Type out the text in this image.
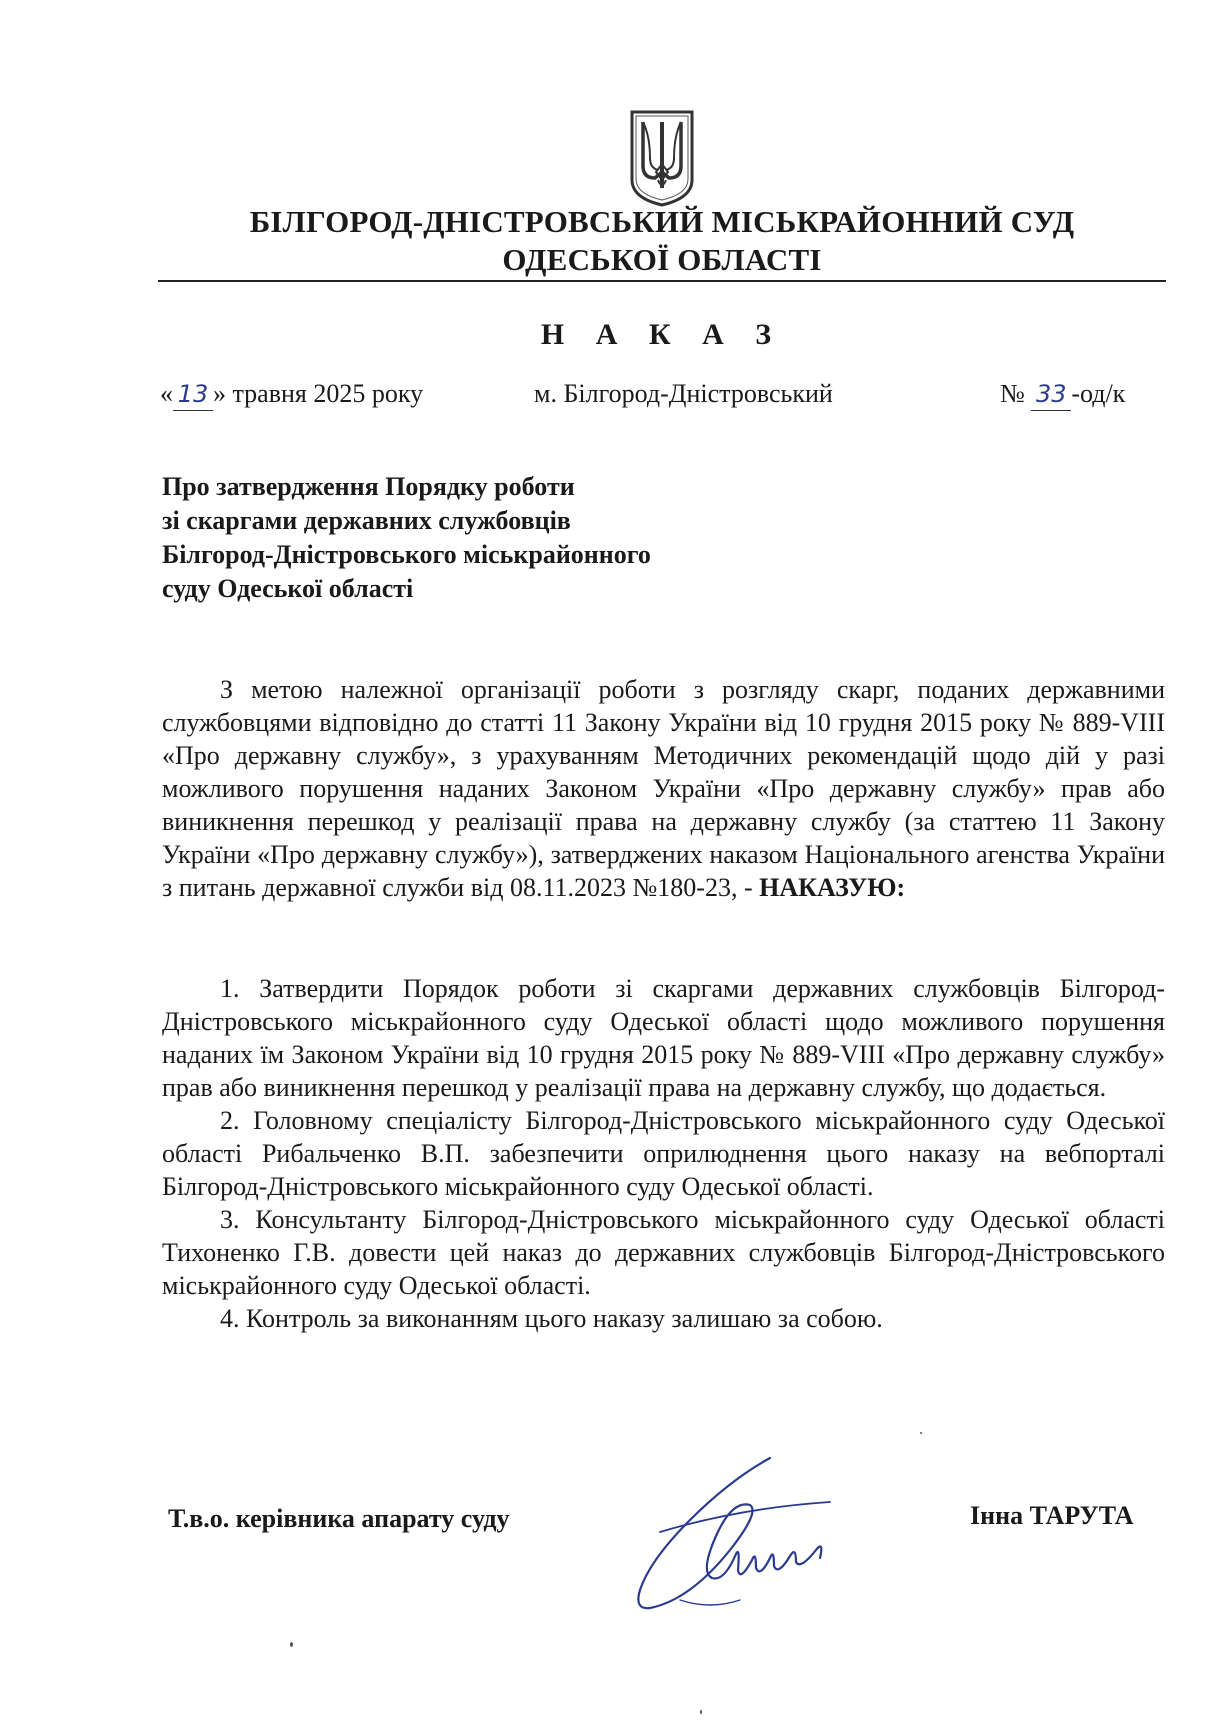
БІЛГОРОД-ДНІСТРОВСЬКИЙ МІСЬКРАЙОННИЙ СУД
ОДЕСЬКОЇ ОБЛАСТІ
Н А К А З
« 13 » травня 2025 року	м. Білгород-Дністровський	№ 33 -од/к
Про затвердження Порядку роботи
зі скаргами державних службовців
Білгород-Дністровського міськрайонного
суду Одеської області
З метою належної організації роботи з розгляду скарг, поданих державними службовцями відповідно до статті 11 Закону України від 10 грудня 2015 року № 889-VIII «Про державну службу», з урахуванням Методичних рекомендацій щодо дій у разі можливого порушення наданих Законом України «Про державну службу» прав або виникнення перешкод у реалізації права на державну службу (за статтею 11 Закону України «Про державну службу»), затверджених наказом Національного агенства України з питань державної служби від 08.11.2023 №180-23, - НАКАЗУЮ:
1. Затвердити Порядок роботи зі скаргами державних службовців Білгород-Дністровського міськрайонного суду Одеської області щодо можливого порушення наданих їм Законом України від 10 грудня 2015 року № 889-VIII «Про державну службу» прав або виникнення перешкод у реалізації права на державну службу, що додається.
2. Головному спеціалісту Білгород-Дністровського міськрайонного суду Одеської області Рибальченко В.П. забезпечити оприлюднення цього наказу на вебпорталі Білгород-Дністровського міськрайонного суду Одеської області.
3. Консультанту Білгород-Дністровського міськрайонного суду Одеської області Тихоненко Г.В. довести цей наказ до державних службовців Білгород-Дністровського міськрайонного суду Одеської області.
4. Контроль за виконанням цього наказу залишаю за собою.
Т.в.о. керівника апарату суду	Інна ТАРУТА
